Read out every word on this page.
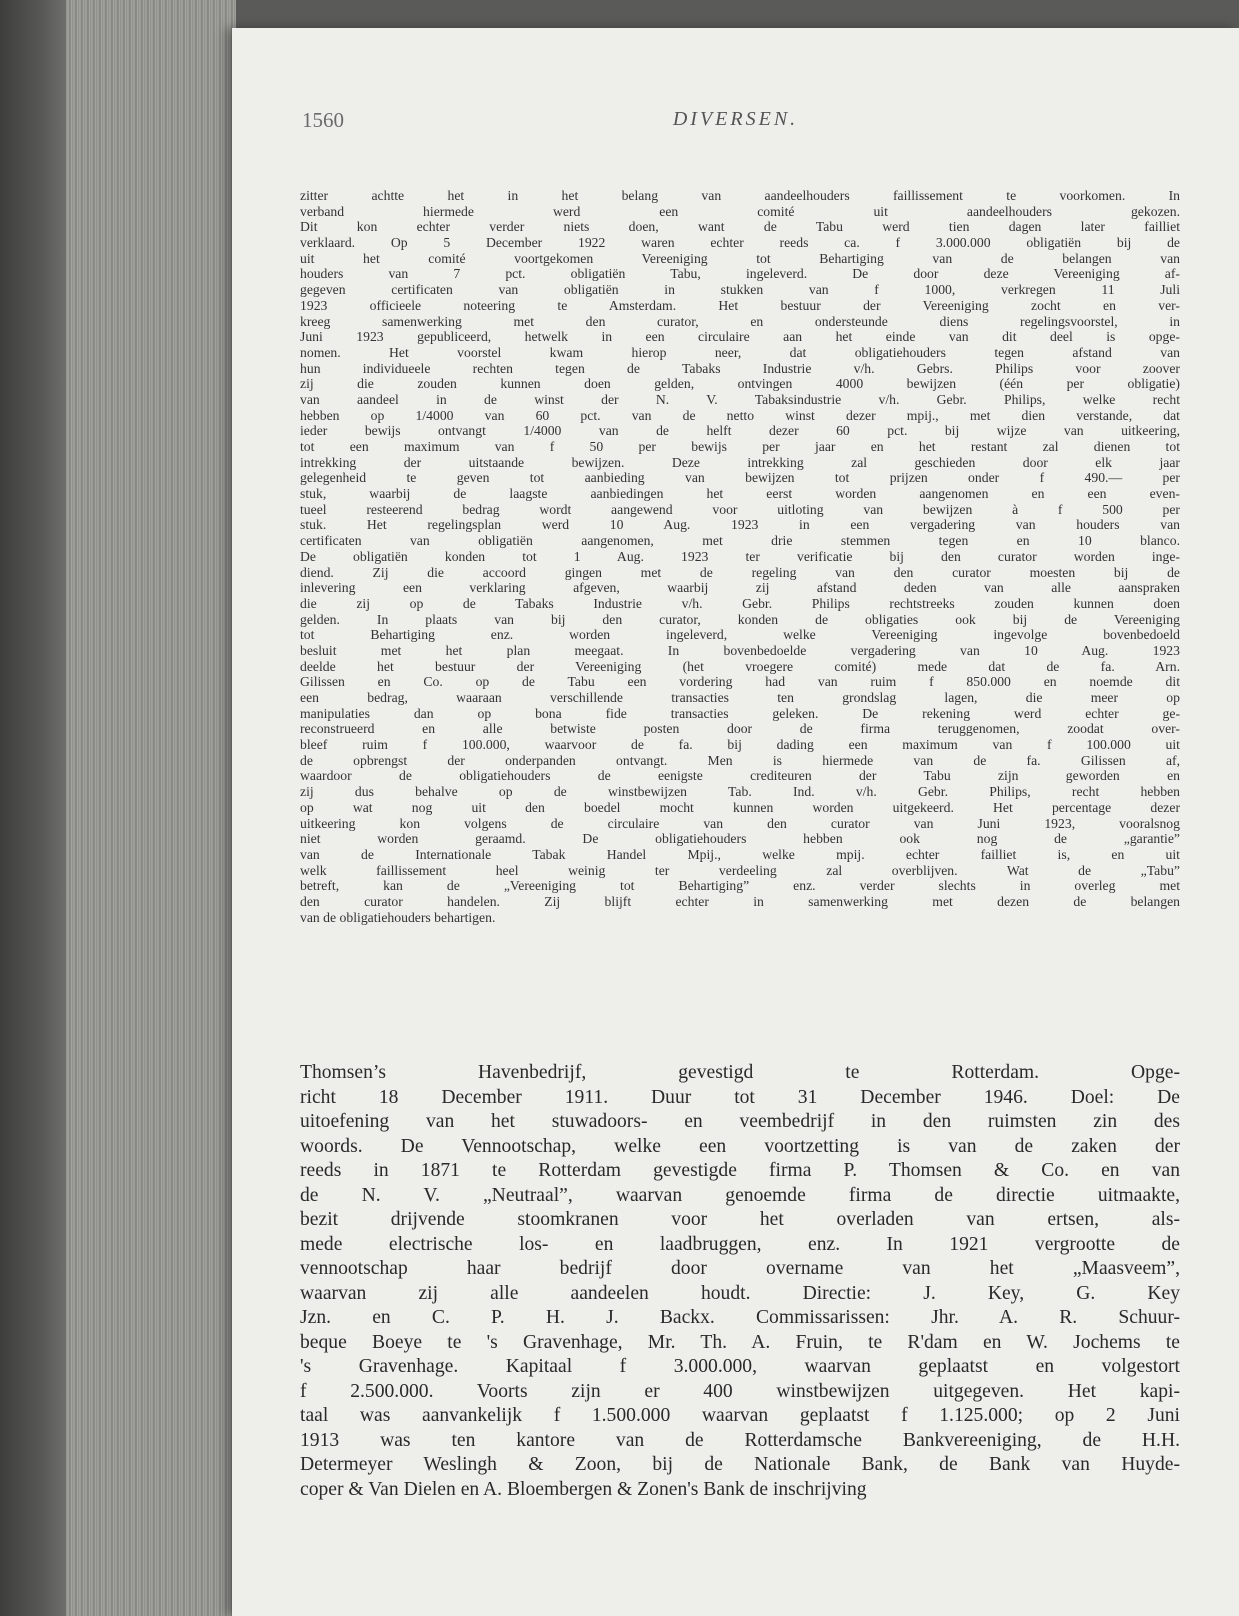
1560	DIVERSEN.
zitter achtte het in het belang van aandeelhouders faillissement te voorkomen. In
verband hiermede werd een comité uit aandeelhouders gekozen.
Dit kon echter verder niets doen, want de Tabu werd tien dagen later failliet
verklaard. Op 5 December 1922 waren echter reeds ca. f 3.000.000 obligatiën bij de
uit het comité voortgekomen Vereeniging tot Behartiging van de belangen van
houders van 7 pct. obligatiën Tabu, ingeleverd. De door deze Vereeniging af-
gegeven certificaten van obligatiën in stukken van f 1000, verkregen 11 Juli
1923 officieele noteering te Amsterdam. Het bestuur der Vereeniging zocht en ver-
kreeg samenwerking met den curator, en ondersteunde diens regelingsvoorstel, in
Juni 1923 gepubliceerd, hetwelk in een circulaire aan het einde van dit deel is opge-
nomen. Het voorstel kwam hierop neer, dat obligatiehouders tegen afstand van
hun individueele rechten tegen de Tabaks Industrie v/h. Gebrs. Philips voor zoover
zij die zouden kunnen doen gelden, ontvingen 4000 bewijzen (één per obligatie)
van aandeel in de winst der N. V. Tabaksindustrie v/h. Gebr. Philips, welke recht
hebben op 1/4000 van 60 pct. van de netto winst dezer mpij., met dien verstande, dat
ieder bewijs ontvangt 1/4000 van de helft dezer 60 pct. bij wijze van uitkeering,
tot een maximum van f 50 per bewijs per jaar en het restant zal dienen tot
intrekking der uitstaande bewijzen. Deze intrekking zal geschieden door elk jaar
gelegenheid te geven tot aanbieding van bewijzen tot prijzen onder f 490.— per
stuk, waarbij de laagste aanbiedingen het eerst worden aangenomen en een even-
tueel resteerend bedrag wordt aangewend voor uitloting van bewijzen à f 500 per
stuk. Het regelingsplan werd 10 Aug. 1923 in een vergadering van houders van
certificaten van obligatiën aangenomen, met drie stemmen tegen en 10 blanco.
De obligatiën konden tot 1 Aug. 1923 ter verificatie bij den curator worden inge-
diend. Zij die accoord gingen met de regeling van den curator moesten bij de
inlevering een verklaring afgeven, waarbij zij afstand deden van alle aanspraken
die zij op de Tabaks Industrie v/h. Gebr. Philips rechtstreeks zouden kunnen doen
gelden. In plaats van bij den curator, konden de obligaties ook bij de Vereeniging
tot Behartiging enz. worden ingeleverd, welke Vereeniging ingevolge bovenbedoeld
besluit met het plan meegaat. In bovenbedoelde vergadering van 10 Aug. 1923
deelde het bestuur der Vereeniging (het vroegere comité) mede dat de fa. Arn.
Gilissen en Co. op de Tabu een vordering had van ruim f 850.000 en noemde dit
een bedrag, waaraan verschillende transacties ten grondslag lagen, die meer op
manipulaties dan op bona fide transacties geleken. De rekening werd echter ge-
reconstrueerd en alle betwiste posten door de firma teruggenomen, zoodat over-
bleef ruim f 100.000, waarvoor de fa. bij dading een maximum van f 100.000 uit
de opbrengst der onderpanden ontvangt. Men is hiermede van de fa. Gilissen af,
waardoor de obligatiehouders de eenigste crediteuren der Tabu zijn geworden en
zij dus behalve op de winstbewijzen Tab. Ind. v/h. Gebr. Philips, recht hebben
op wat nog uit den boedel mocht kunnen worden uitgekeerd. Het percentage dezer
uitkeering kon volgens de circulaire van den curator van Juni 1923, vooralsnog
niet worden geraamd. De obligatiehouders hebben ook nog de „garantie”
van de Internationale Tabak Handel Mpij., welke mpij. echter failliet is, en uit
welk faillissement heel weinig ter verdeeling zal overblijven. Wat de „Tabu”
betreft, kan de „Vereeniging tot Behartiging” enz. verder slechts in overleg met
den curator handelen. Zij blijft echter in samenwerking met dezen de belangen
van de obligatiehouders behartigen.
Thomsen’s Havenbedrijf, gevestigd te Rotterdam. Opge-
richt 18 December 1911. Duur tot 31 December 1946. Doel: De
uitoefening van het stuwadoors- en veembedrijf in den ruimsten zin des
woords. De Vennootschap, welke een voortzetting is van de zaken der
reeds in 1871 te Rotterdam gevestigde firma P. Thomsen & Co. en van
de N. V. „Neutraal”, waarvan genoemde firma de directie uitmaakte,
bezit drijvende stoomkranen voor het overladen van ertsen, als-
mede electrische los- en laadbruggen, enz. In 1921 vergrootte de
vennootschap haar bedrijf door overname van het „Maasveem”,
waarvan zij alle aandeelen houdt. Directie: J. Key, G. Key
Jzn. en C. P. H. J. Backx. Commissarissen: Jhr. A. R. Schuur-
beque Boeye te 's Gravenhage, Mr. Th. A. Fruin, te R'dam en W. Jochems te
's Gravenhage. Kapitaal f 3.000.000, waarvan geplaatst en volgestort
f 2.500.000. Voorts zijn er 400 winstbewijzen uitgegeven. Het kapi-
taal was aanvankelijk f 1.500.000 waarvan geplaatst f 1.125.000; op 2 Juni
1913 was ten kantore van de Rotterdamsche Bankvereeniging, de H.H.
Determeyer Weslingh & Zoon, bij de Nationale Bank, de Bank van Huyde-
coper & Van Dielen en A. Bloembergen & Zonen's Bank de inschrijving
